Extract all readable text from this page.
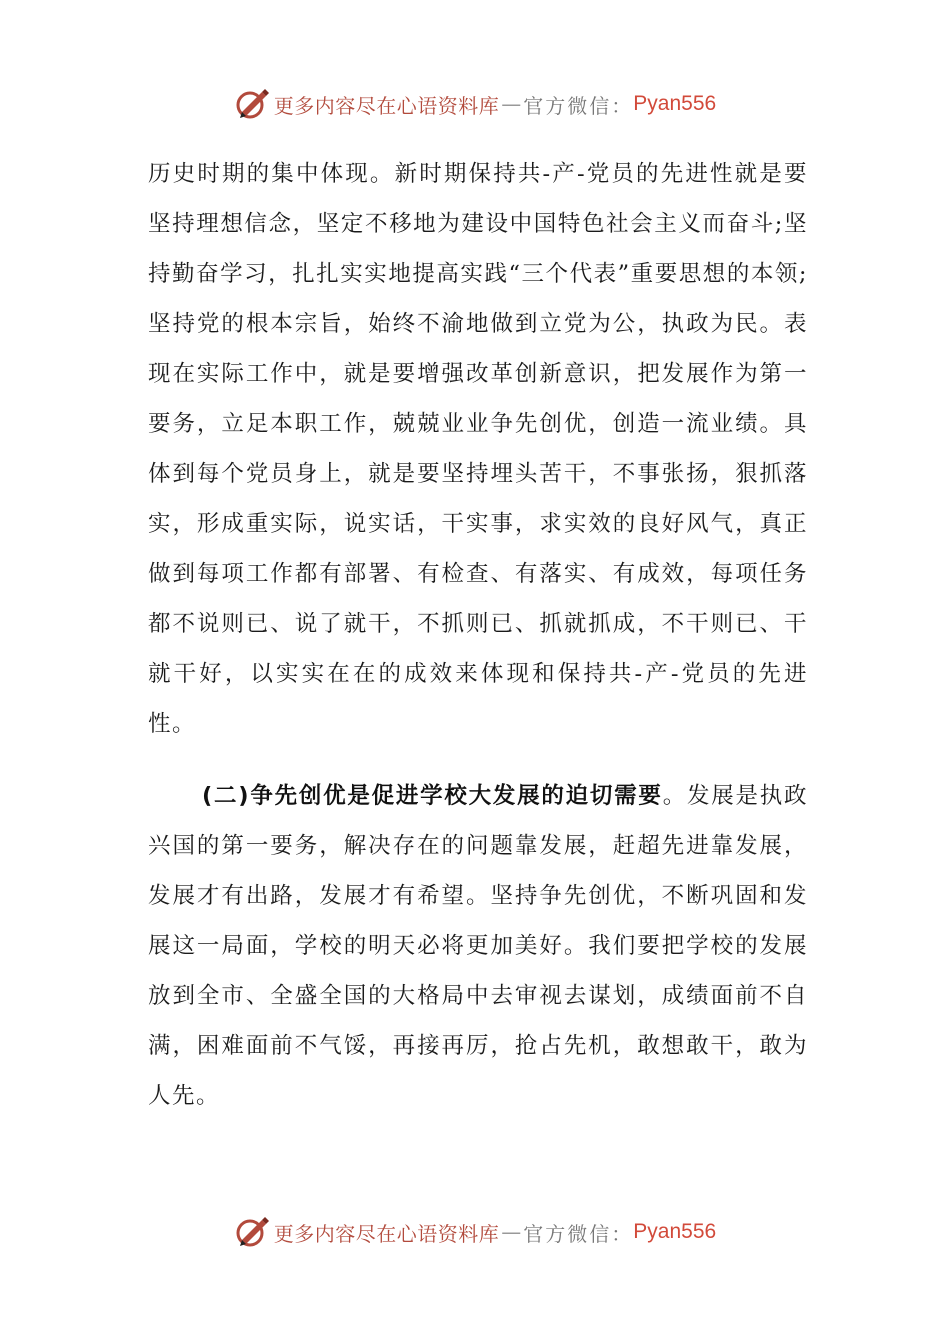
更多内容尽在心语资料库 — 官方微信： Pyan556

历史时期的集中体现。新时期保持共-产-党员的先进性就是要坚持理想信念，坚定不移地为建设中国特色社会主义而奋斗;坚持勤奋学习，扎扎实实地提高实践“三个代表”重要思想的本领;坚持党的根本宗旨，始终不渝地做到立党为公，执政为民。表现在实际工作中，就是要增强改革创新意识，把发展作为第一要务，立足本职工作，兢兢业业争先创优，创造一流业绩。具体到每个党员身上，就是要坚持埋头苦干，不事张扬，狠抓落实，形成重实际，说实话，干实事，求实效的良好风气，真正做到每项工作都有部署、有检查、有落实、有成效，每项任务都不说则已、说了就干，不抓则已、抓就抓成，不干则已、干就干好，以实实在在的成效来体现和保持共-产-党员的先进性。

(二)争先创优是促进学校大发展的迫切需要。发展是执政兴国的第一要务，解决存在的问题靠发展，赶超先进靠发展，发展才有出路，发展才有希望。坚持争先创优，不断巩固和发展这一局面，学校的明天必将更加美好。我们要把学校的发展放到全市、全盛全国的大格局中去审视去谋划，成绩面前不自满，困难面前不气馁，再接再厉，抢占先机，敢想敢干，敢为人先。

更多内容尽在心语资料库 — 官方微信： Pyan556
